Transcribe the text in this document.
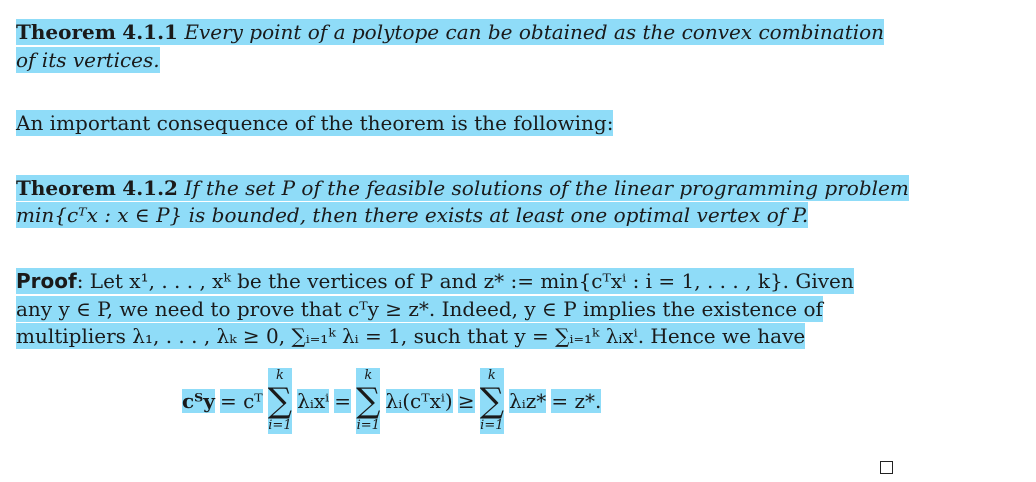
Theorem 4.1.1 Every point of a polytope can be obtained as the convex combination
of its vertices.
An important consequence of the theorem is the following:
Theorem 4.1.2 If the set P of the feasible solutions of the linear programming problem
min{cᵀx : x ∈ P} is bounded, then there exists at least one optimal vertex of P.
Proof: Let x¹, . . . , xᵏ be the vertices of P and z* := min{cᵀxⁱ : i = 1, . . . , k}. Given
any y ∈ P, we need to prove that cᵀy ≥ z*. Indeed, y ∈ P implies the existence of
multipliers λ₁, . . . , λₖ ≥ 0, ∑ᵢ₌₁ᵏ λᵢ = 1, such that y = ∑ᵢ₌₁ᵏ λᵢxⁱ. Hence we have
cᵀy = cᵀ
k
∑
i=1
λᵢxⁱ =
k
∑
i=1
λᵢ(cᵀxⁱ) ≥
k
∑
i=1
λᵢz* = z*.
